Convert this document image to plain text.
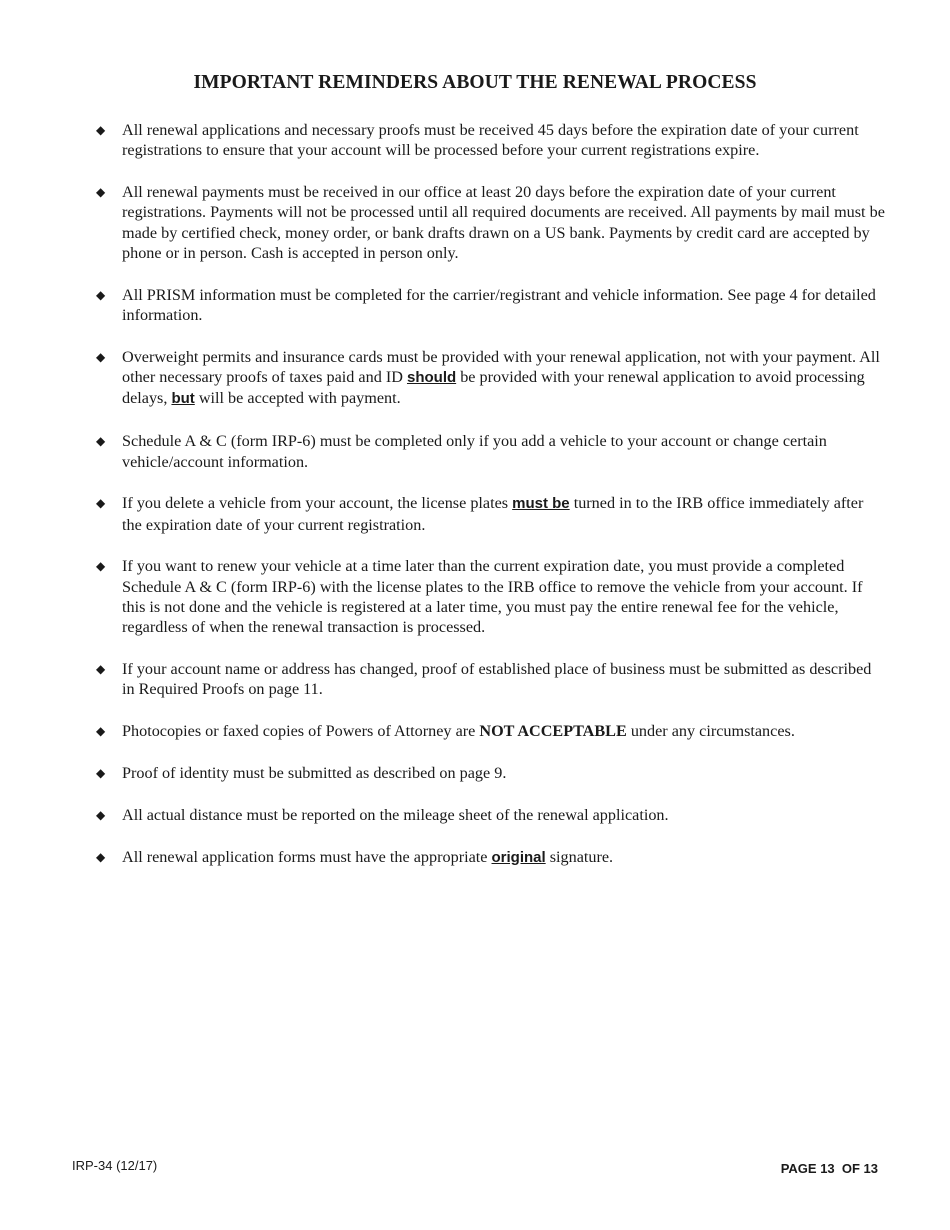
IMPORTANT REMINDERS ABOUT THE RENEWAL PROCESS
◆ All renewal applications and necessary proofs must be received 45 days before the expiration date of your current registrations to ensure that your account will be processed before your current registrations expire.
◆ All renewal payments must be received in our office at least 20 days before the expiration date of your current registrations. Payments will not be processed until all required documents are received. All payments by mail must be made by certified check, money order, or bank drafts drawn on a US bank. Payments by credit card are accepted by phone or in person. Cash is accepted in person only.
◆ All PRISM information must be completed for the carrier/registrant and vehicle information. See page 4 for detailed information.
◆ Overweight permits and insurance cards must be provided with your renewal application, not with your payment. All other necessary proofs of taxes paid and ID should be provided with your renewal application to avoid processing delays, but will be accepted with payment.
◆ Schedule A & C (form IRP-6) must be completed only if you add a vehicle to your account or change certain vehicle/account information.
◆ If you delete a vehicle from your account, the license plates must be turned in to the IRB office immediately after the expiration date of your current registration.
◆ If you want to renew your vehicle at a time later than the current expiration date, you must provide a completed Schedule A & C (form IRP-6) with the license plates to the IRB office to remove the vehicle from your account. If this is not done and the vehicle is registered at a later time, you must pay the entire renewal fee for the vehicle, regardless of when the renewal transaction is processed.
◆ If your account name or address has changed, proof of established place of business must be submitted as described in Required Proofs on page 11.
◆ Photocopies or faxed copies of Powers of Attorney are NOT ACCEPTABLE under any circumstances.
◆ Proof of identity must be submitted as described on page 9.
◆ All actual distance must be reported on the mileage sheet of the renewal application.
◆ All renewal application forms must have the appropriate original signature.
IRP-34 (12/17)	PAGE 13  OF 13
